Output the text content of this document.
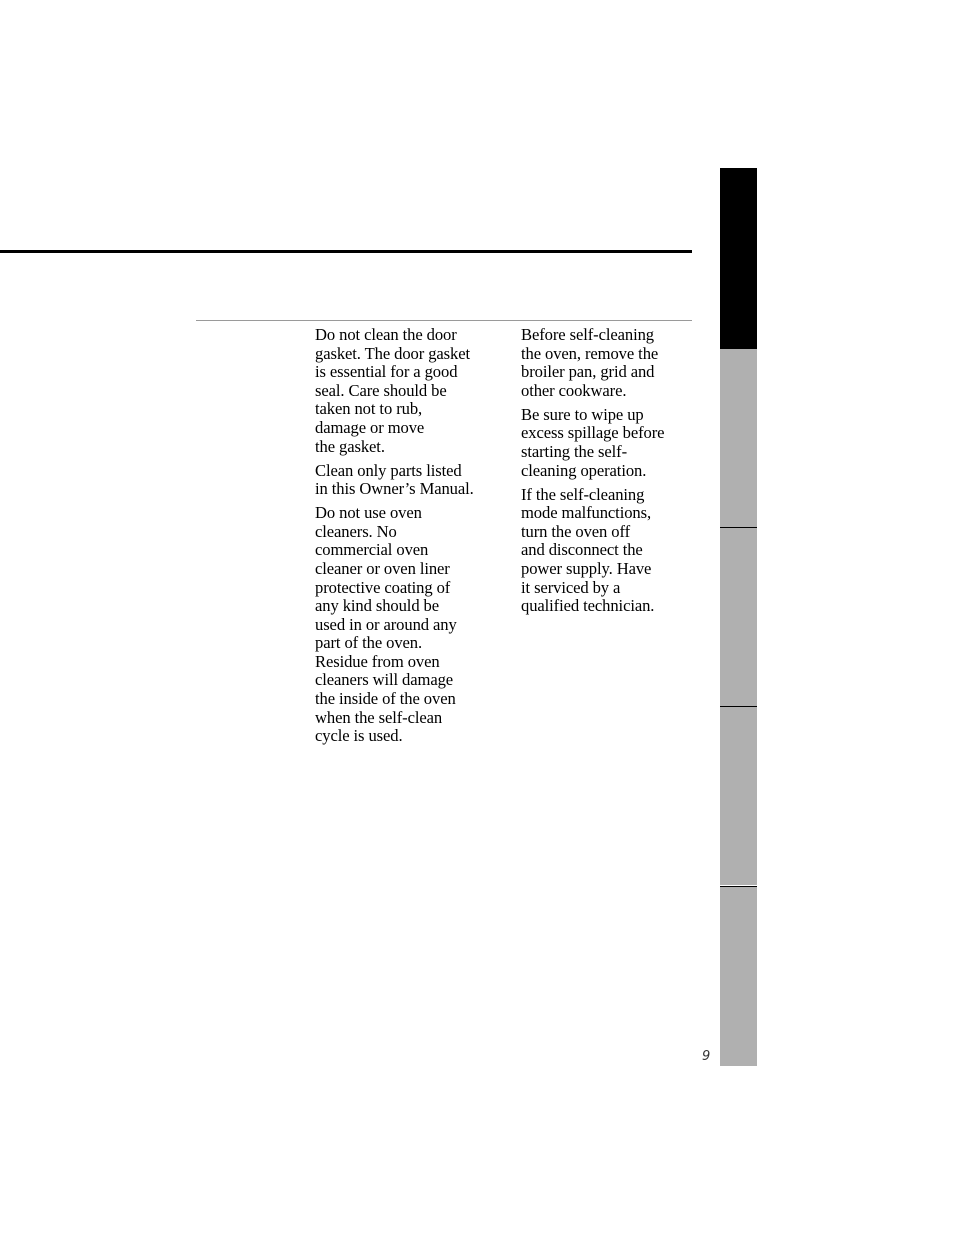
Do not clean the door
gasket. The door gasket
is essential for a good
seal. Care should be
taken not to rub,
damage or move
the gasket.

Clean only parts listed
in this Owner’s Manual.

Do not use oven
cleaners. No
commercial oven
cleaner or oven liner
protective coating of
any kind should be
used in or around any
part of the oven.
Residue from oven
cleaners will damage
the inside of the oven
when the self-clean
cycle is used.

Before self-cleaning
the oven, remove the
broiler pan, grid and
other cookware.

Be sure to wipe up
excess spillage before
starting the self-
cleaning operation.

If the self-cleaning
mode malfunctions,
turn the oven off
and disconnect the
power supply. Have
it serviced by a
qualified technician.

9
